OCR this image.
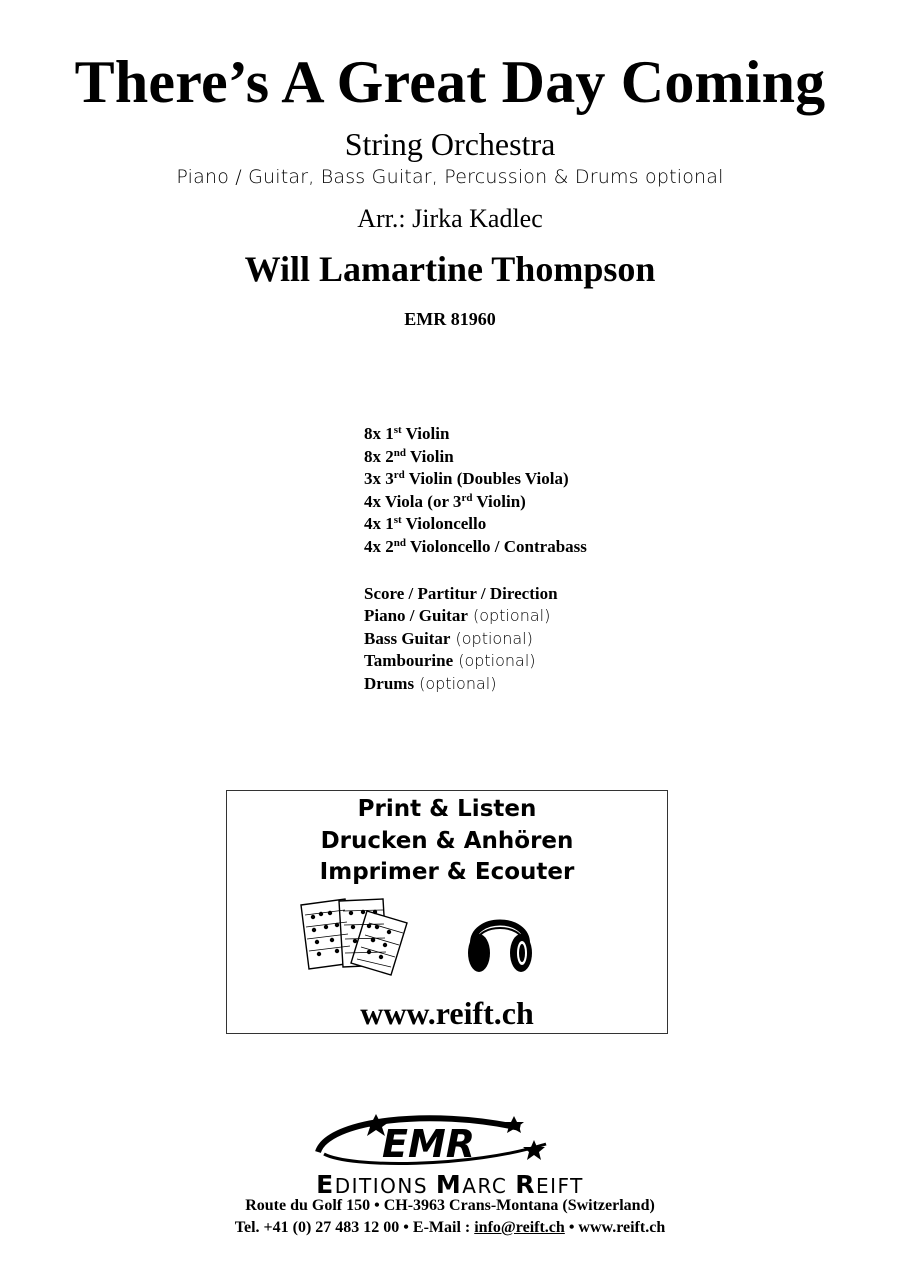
There’s A Great Day Coming
String Orchestra
Piano / Guitar, Bass Guitar, Percussion & Drums optional
Arr.: Jirka Kadlec
Will Lamartine Thompson
EMR 81960
8x 1st Violin
8x 2nd Violin
3x 3rd Violin (Doubles Viola)
4x Viola (or 3rd Violin)
4x 1st Violoncello
4x 2nd Violoncello / Contrabass
Score / Partitur / Direction
Piano / Guitar (optional)
Bass Guitar (optional)
Tambourine (optional)
Drums (optional)
Print & Listen
Drucken & Anhören
Imprimer & Ecouter
www.reift.ch
EMR
EDITIONS MARC REIFT
Route du Golf 150 • CH-3963 Crans-Montana (Switzerland)
Tel. +41 (0) 27 483 12 00 • E-Mail : info@reift.ch • www.reift.ch
